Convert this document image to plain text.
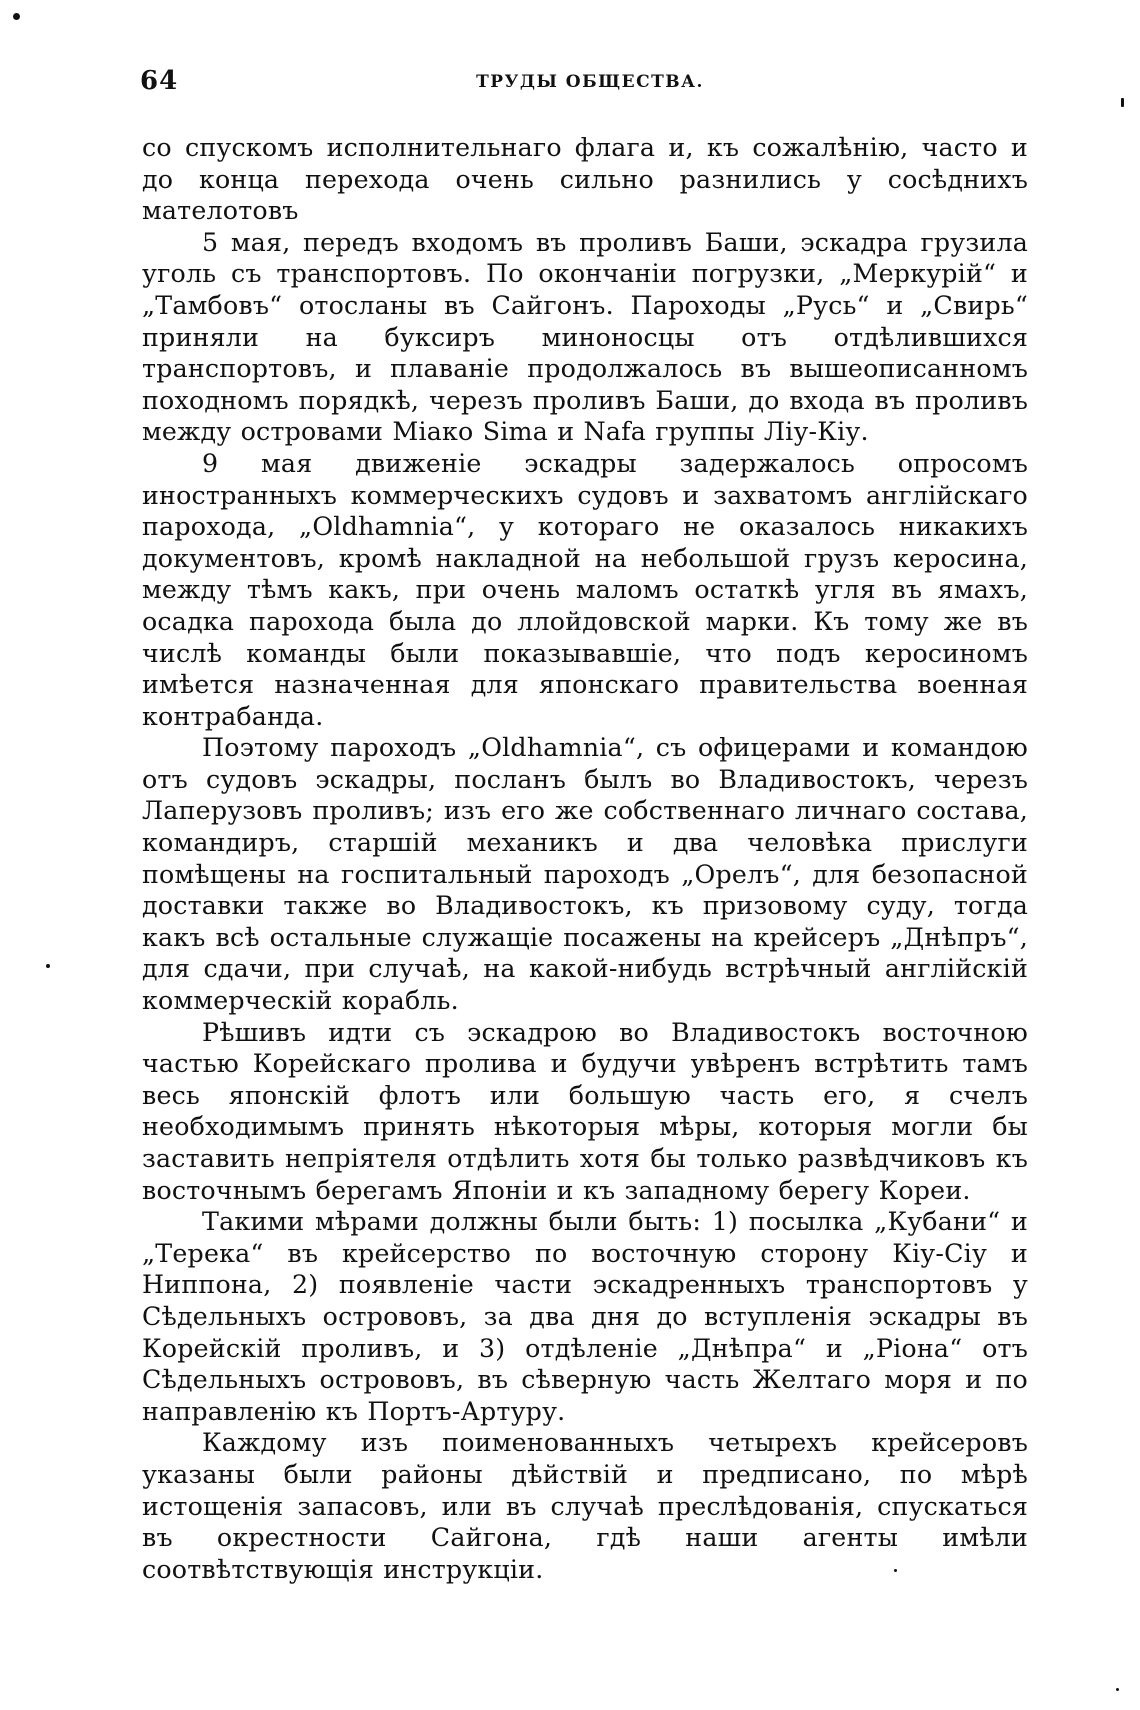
64	ТРУДЫ ОБЩЕСТВА.

со спускомъ исполнительнаго флага и, къ сожалѣнію, часто и до конца перехода очень сильно разнились у сосѣднихъ мателотовъ

5 мая, передъ входомъ въ проливъ Баши, эскадра грузила уголь съ транспортовъ. По окончаніи погрузки, „Меркурій“ и „Тамбовъ“ отосланы въ Сайгонъ. Пароходы „Русь“ и „Свирь“ приняли на буксиръ миноносцы отъ отдѣлившихся транспортовъ, и плаваніе продолжалось въ вышеописанномъ походномъ порядкѣ, черезъ проливъ Баши, до входа въ проливъ между островами Міако Sima и Nafa группы Ліу-Кіу.

9 мая движеніе эскадры задержалось опросомъ иностранныхъ коммерческихъ судовъ и захватомъ англійскаго парохода, „Oldhamnia“, у котораго не оказалось никакихъ документовъ, кромѣ накладной на небольшой грузъ керосина, между тѣмъ какъ, при очень маломъ остаткѣ угля въ ямахъ, осадка парохода была до ллойдовской марки. Къ тому же въ числѣ команды были показывавшіе, что подъ керосиномъ имѣется назначенная для японскаго правительства военная контрабанда.

Поэтому пароходъ „Oldhamnia“, съ офицерами и командою отъ судовъ эскадры, посланъ былъ во Владивостокъ, черезъ Лаперузовъ проливъ; изъ его же собственнаго личнаго состава, командиръ, старшій механикъ и два человѣка прислуги помѣщены на госпитальный пароходъ „Орелъ“, для безопасной доставки также во Владивостокъ, къ призовому суду, тогда какъ всѣ остальные служащіе посажены на крейсеръ „Днѣпръ“, для сдачи, при случаѣ, на какой-нибудь встрѣчный англійскій коммерческій корабль.

Рѣшивъ идти съ эскадрою во Владивостокъ восточною частью Корейскаго пролива и будучи увѣренъ встрѣтить тамъ весь японскій флотъ или большую часть его, я счелъ необходимымъ принять нѣкоторыя мѣры, которыя могли бы заставить непріятеля отдѣлить хотя бы только развѣдчиковъ къ восточнымъ берегамъ Японіи и къ западному берегу Кореи.

Такими мѣрами должны были быть: 1) посылка „Кубани“ и „Терека“ въ крейсерство по восточную сторону Кіу-Сіу и Ниппона, 2) появленіе части эскадренныхъ транспортовъ у Сѣдельныхъ острововъ, за два дня до вступленія эскадры въ Корейскій проливъ, и 3) отдѣленіе „Днѣпра“ и „Ріона“ отъ Сѣдельныхъ острововъ, въ сѣверную часть Желтаго моря и по направленію къ Портъ-Артуру.

Каждому изъ поименованныхъ четырехъ крейсеровъ указаны были районы дѣйствій и предписано, по мѣрѣ истощенія запасовъ, или въ случаѣ преслѣдованія, спускаться въ окрестности Сайгона, гдѣ наши агенты имѣли соотвѣтствующія инструкціи.
